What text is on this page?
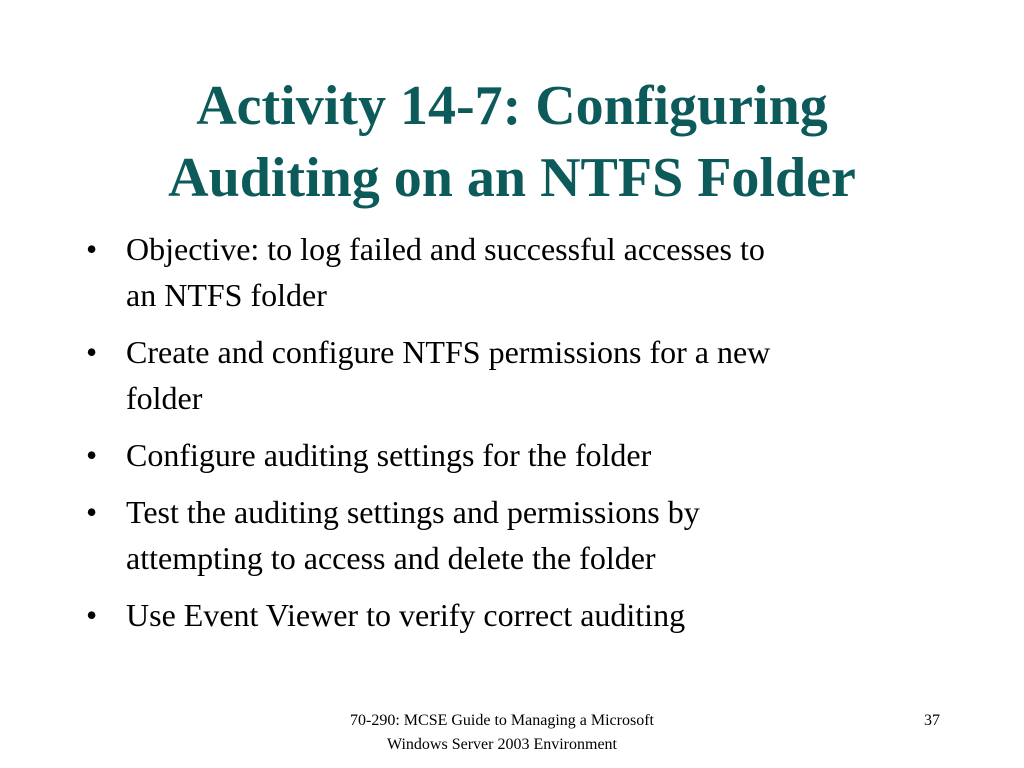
Activity 14-7: Configuring
Auditing on an NTFS Folder
• Objective: to log failed and successful accesses to
an NTFS folder
• Create and configure NTFS permissions for a new
folder
• Configure auditing settings for the folder
• Test the auditing settings and permissions by
attempting to access and delete the folder
• Use Event Viewer to verify correct auditing
70-290: MCSE Guide to Managing a Microsoft
Windows Server 2003 Environment
37
